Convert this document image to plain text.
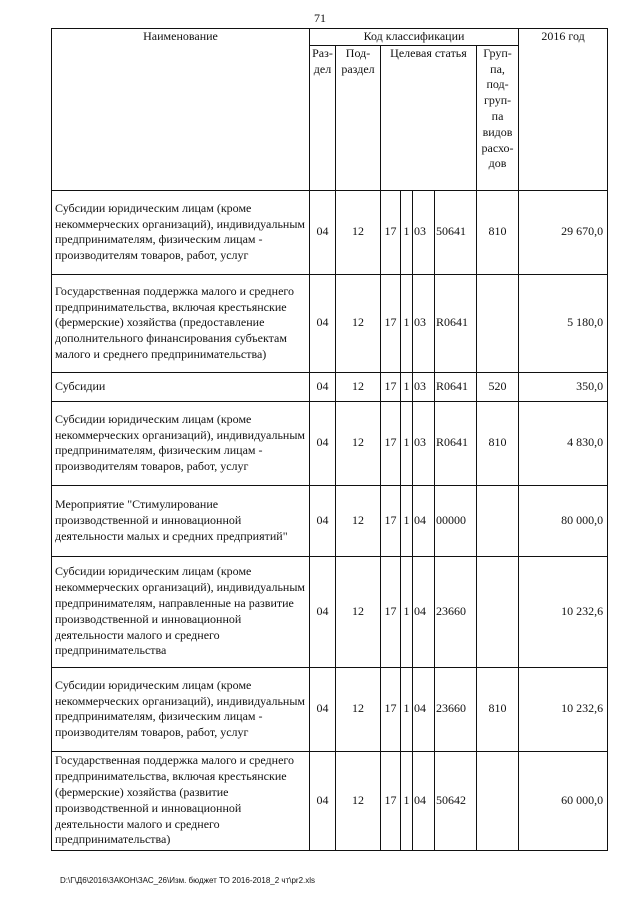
71
Наименование	Код классификации							2016 год
	Раз- дел	Под- раздел	Целевая статья				Груп- па, под- груп- па видов расхо- дов	
Субсидии юридическим лицам (кроме некоммерческих организаций), индивидуальным предпринимателям, физическим лицам - производителям товаров, работ, услуг	04	12	17	1	03	50641	810	29 670,0
Государственная поддержка малого и среднего предпринимательства, включая крестьянские (фермерские) хозяйства (предоставление дополнительного финансирования субъектам малого и среднего предпринимательства)	04	12	17	1	03	R0641		5 180,0
Субсидии	04	12	17	1	03	R0641	520	350,0
Субсидии юридическим лицам (кроме некоммерческих организаций), индивидуальным предпринимателям, физическим лицам - производителям товаров, работ, услуг	04	12	17	1	03	R0641	810	4 830,0
Мероприятие "Стимулирование производственной и инновационной деятельности малых и средних предприятий"	04	12	17	1	04	00000		80 000,0
Субсидии юридическим лицам (кроме некоммерческих организаций), индивидуальным предпринимателям, направленные на развитие производственной и инновационной деятельности малого и среднего предпринимательства	04	12	17	1	04	23660		10 232,6
Субсидии юридическим лицам (кроме некоммерческих организаций), индивидуальным предпринимателям, физическим лицам - производителям товаров, работ, услуг	04	12	17	1	04	23660	810	10 232,6
Государственная поддержка малого и среднего предпринимательства, включая крестьянские (фермерские) хозяйства (развитие производственной и инновационной деятельности малого и среднего предпринимательства)	04	12	17	1	04	50642		60 000,0
D:\Г\Д6\2016\ЗАКОН\ЗАС_26\Изм. бюджет ТО 2016-2018_2 чт\pr2.xls
